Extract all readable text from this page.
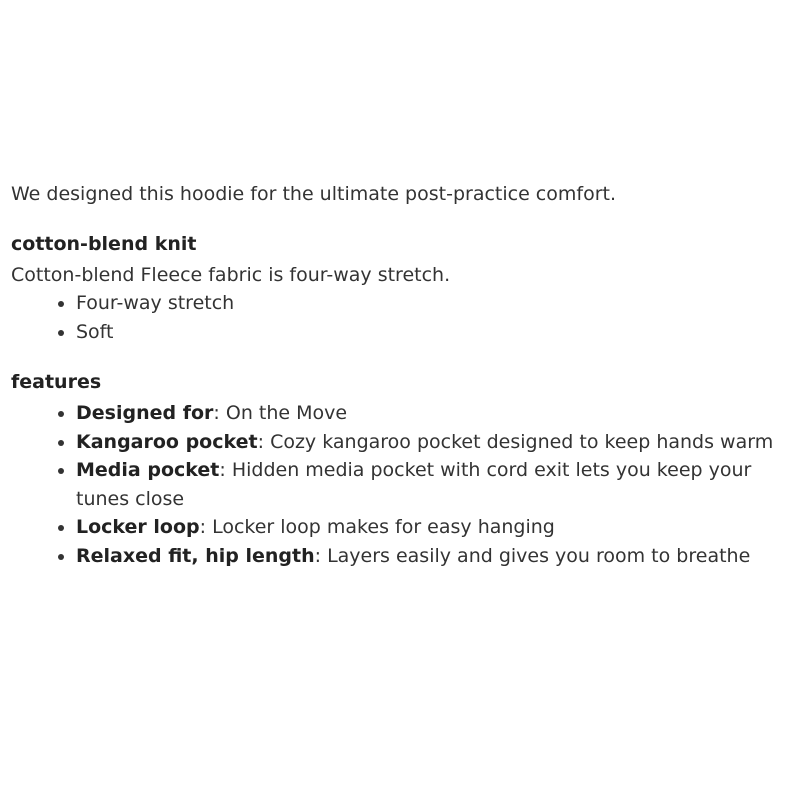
We designed this hoodie for the ultimate post-practice comfort.

cotton-blend knit

Cotton-blend Fleece fabric is four-way stretch.

• Four-way stretch
• Soft
features
• Designed for: On the Move
• Kangaroo pocket: Cozy kangaroo pocket designed to keep hands warm
• Media pocket: Hidden media pocket with cord exit lets you keep your tunes close
• Locker loop: Locker loop makes for easy hanging
• Relaxed fit, hip length: Layers easily and gives you room to breathe
